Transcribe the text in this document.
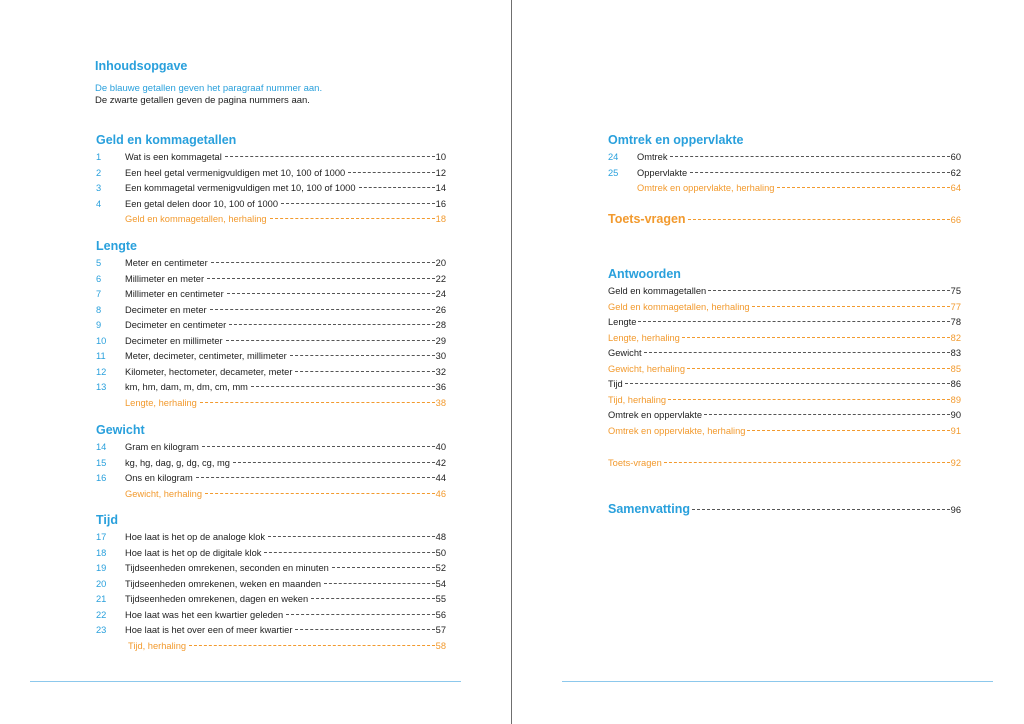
Inhoudsopgave
De blauwe getallen geven het paragraaf nummer aan.
De zwarte getallen geven de pagina nummers aan.
Geld en kommagetallen
1	Wat is een kommagetal	10
2	Een heel getal vermenigvuldigen met 10, 100 of 1000	12
3	Een kommagetal vermenigvuldigen met 10, 100 of 1000	14
4	Een getal delen door 10, 100 of 1000	16
Geld en kommagetallen, herhaling	18
Lengte
5	Meter en centimeter	20
6	Millimeter en meter	22
7	Millimeter en centimeter	24
8	Decimeter en meter	26
9	Decimeter en centimeter	28
10	Decimeter en millimeter	29
11	Meter, decimeter, centimeter, millimeter	30
12	Kilometer, hectometer, decameter, meter	32
13	km, hm, dam, m, dm, cm, mm	36
Lengte, herhaling	38
Gewicht
14	Gram en kilogram	40
15	kg, hg, dag, g, dg, cg, mg	42
16	Ons en kilogram	44
Gewicht, herhaling	46
Tijd
17	Hoe laat is het op de analoge klok	48
18	Hoe laat is het op de digitale klok	50
19	Tijdseenheden omrekenen, seconden en minuten	52
20	Tijdseenheden omrekenen, weken en maanden	54
21	Tijdseenheden omrekenen, dagen en weken	55
22	Hoe laat was het een kwartier geleden	56
23	Hoe laat is het over een of meer kwartier	57
Tijd, herhaling	58
Omtrek en oppervlakte
24	Omtrek	60
25	Oppervlakte	62
Omtrek en oppervlakte, herhaling	64
Toets-vragen	66
Antwoorden
Geld en kommagetallen	75
Geld en kommagetallen, herhaling	77
Lengte	78
Lengte, herhaling	82
Gewicht	83
Gewicht, herhaling	85
Tijd	86
Tijd, herhaling	89
Omtrek en oppervlakte	90
Omtrek en oppervlakte, herhaling	91
Toets-vragen	92
Samenvatting	96
